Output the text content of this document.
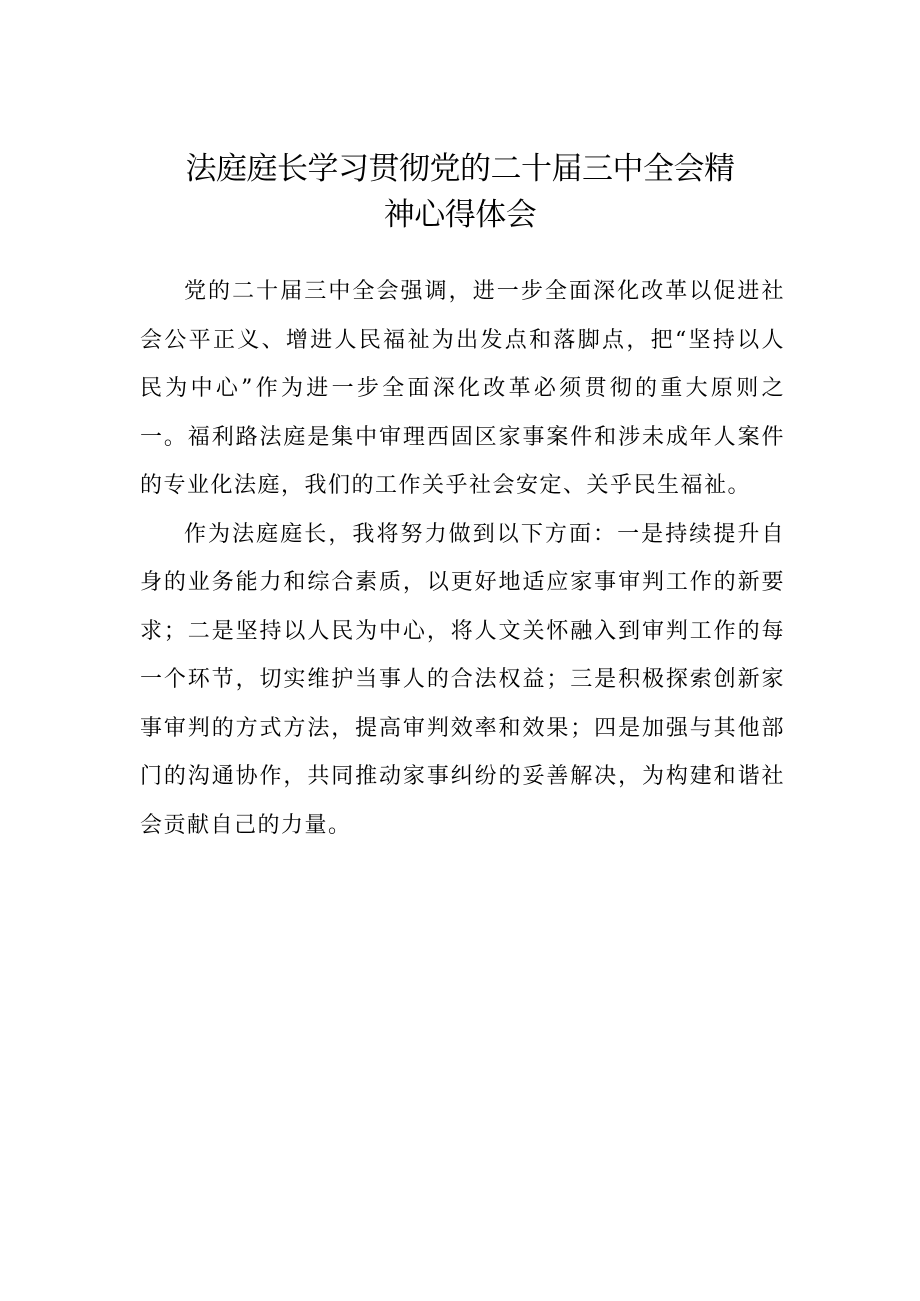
法庭庭长学习贯彻党的二十届三中全会精
神心得体会

党的二十届三中全会强调，进一步全面深化改革以促进社会公平正义、增进人民福祉为出发点和落脚点，把“坚持以人民为中心”作为进一步全面深化改革必须贯彻的重大原则之一。福利路法庭是集中审理西固区家事案件和涉未成年人案件的专业化法庭，我们的工作关乎社会安定、关乎民生福祉。

作为法庭庭长，我将努力做到以下方面：一是持续提升自身的业务能力和综合素质，以更好地适应家事审判工作的新要求；二是坚持以人民为中心，将人文关怀融入到审判工作的每一个环节，切实维护当事人的合法权益；三是积极探索创新家事审判的方式方法，提高审判效率和效果；四是加强与其他部门的沟通协作，共同推动家事纠纷的妥善解决，为构建和谐社会贡献自己的力量。
